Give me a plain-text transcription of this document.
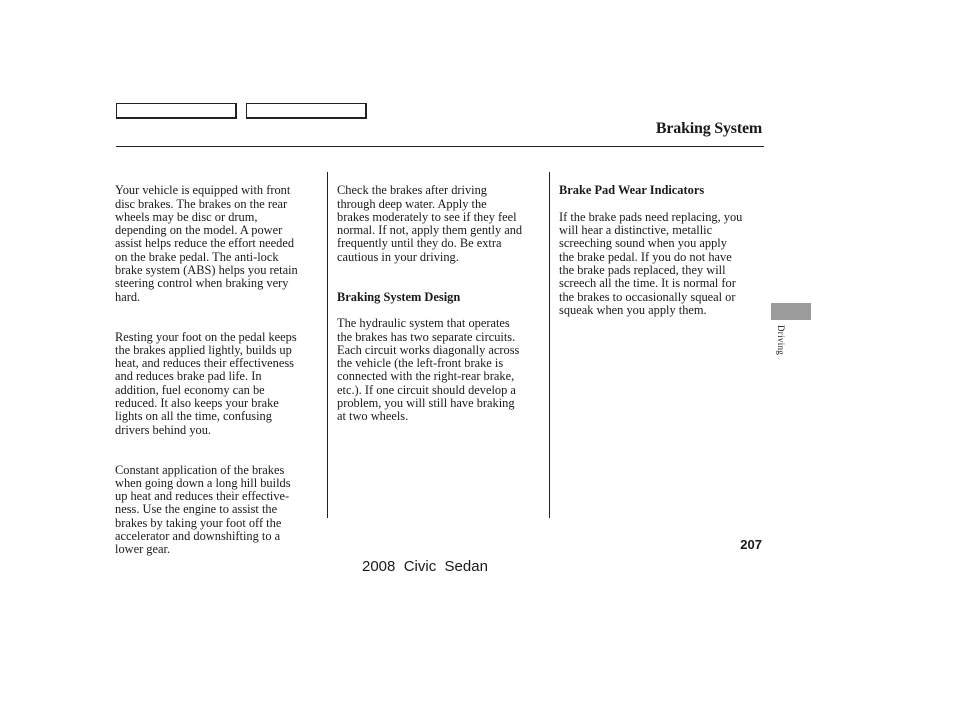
Braking System

Your vehicle is equipped with front
disc brakes. The brakes on the rear
wheels may be disc or drum,
depending on the model. A power
assist helps reduce the effort needed
on the brake pedal. The anti-lock
brake system (ABS) helps you retain
steering control when braking very
hard.

Resting your foot on the pedal keeps
the brakes applied lightly, builds up
heat, and reduces their effectiveness
and reduces brake pad life. In
addition, fuel economy can be
reduced. It also keeps your brake
lights on all the time, confusing
drivers behind you.

Constant application of the brakes
when going down a long hill builds
up heat and reduces their effective-
ness. Use the engine to assist the
brakes by taking your foot off the
accelerator and downshifting to a
lower gear.

Check the brakes after driving
through deep water. Apply the
brakes moderately to see if they feel
normal. If not, apply them gently and
frequently until they do. Be extra
cautious in your driving.

Braking System Design

The hydraulic system that operates
the brakes has two separate circuits.
Each circuit works diagonally across
the vehicle (the left-front brake is
connected with the right-rear brake,
etc.). If one circuit should develop a
problem, you will still have braking
at two wheels.

Brake Pad Wear Indicators

If the brake pads need replacing, you
will hear a distinctive, metallic
screeching sound when you apply
the brake pedal. If you do not have
the brake pads replaced, they will
screech all the time. It is normal for
the brakes to occasionally squeal or
squeak when you apply them.

Driving
207
2008  Civic  Sedan
